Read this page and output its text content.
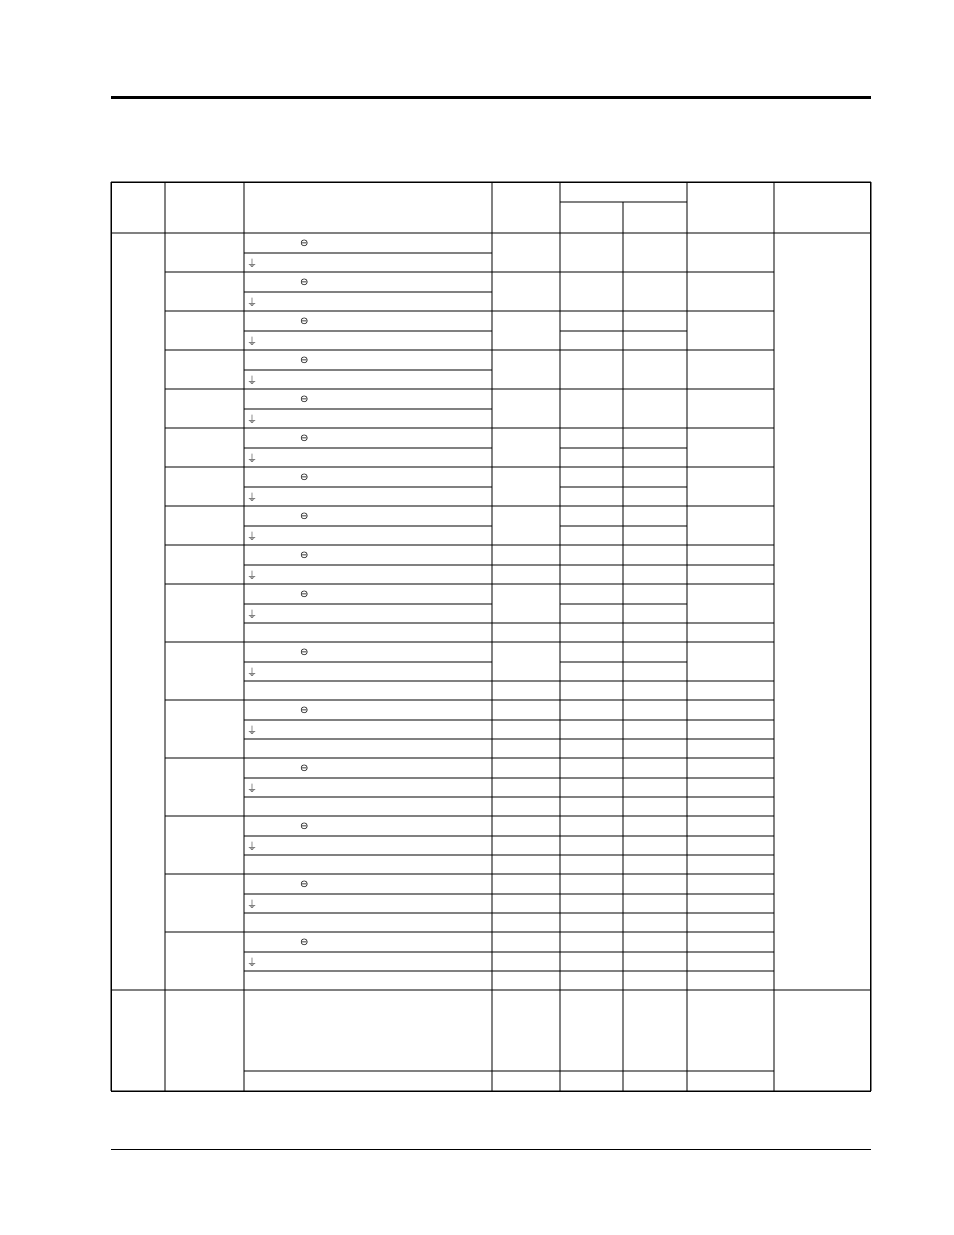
⊖
⏚
⊖
⏚
⊖
⏚
⊖
⏚
⊖
⏚
⊖
⏚
⊖
⏚
⊖
⏚
⊖
⏚
⊖
⏚
⊖
⏚
⊖
⏚
⊖
⏚
⊖
⏚
⊖
⏚
⊖
⏚
